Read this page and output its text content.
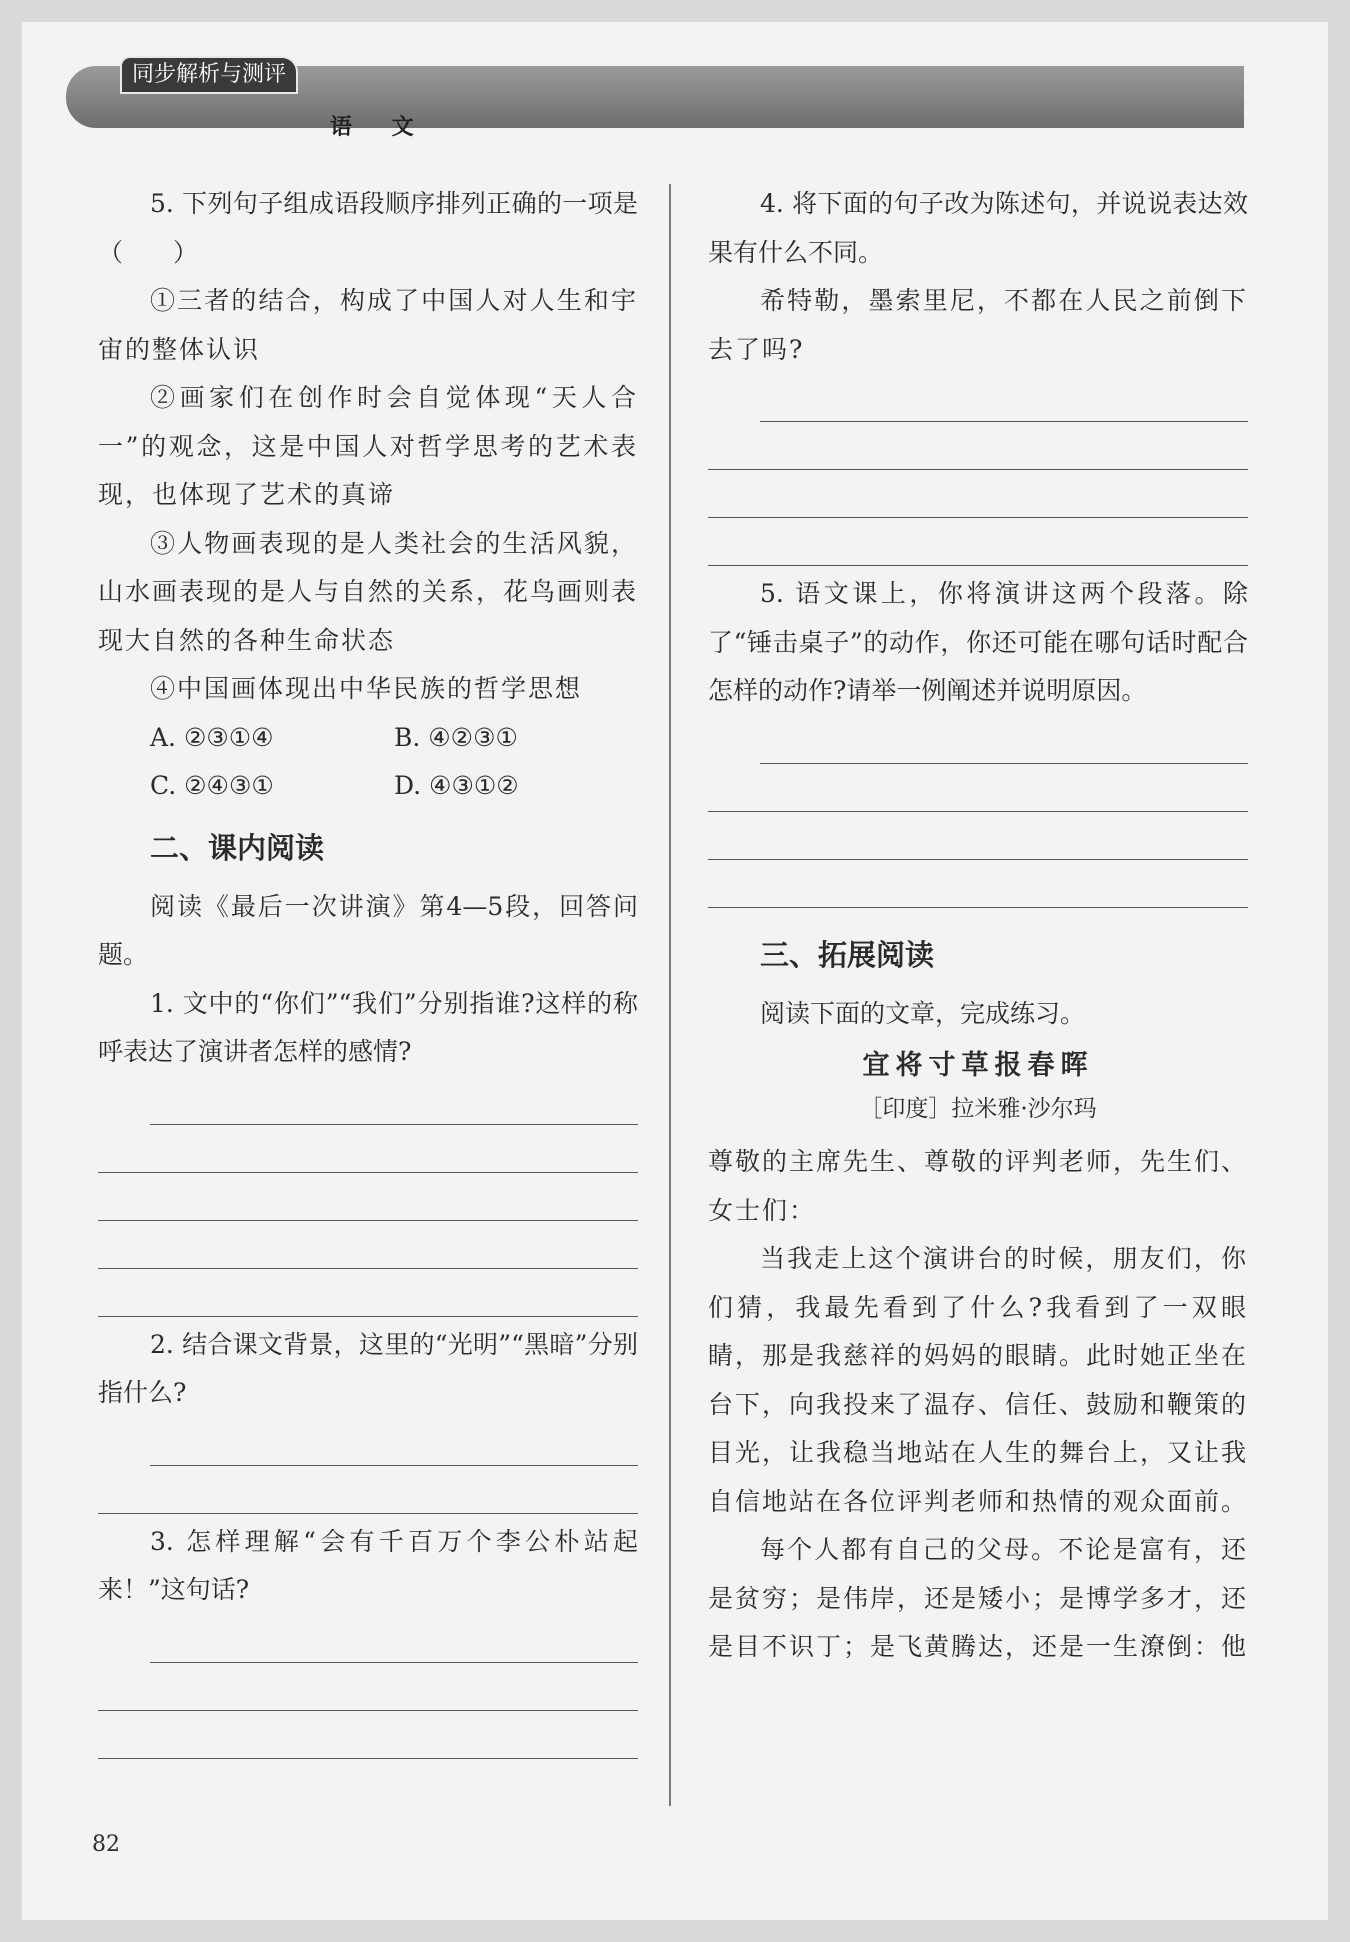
同步解析与测评
语 文

5. 下列句子组成语段顺序排列正确的一项是（　　）

①三者的结合，构成了中国人对人生和宇宙的整体认识

②画家们在创作时会自觉体现“天人合一”的观念，这是中国人对哲学思考的艺术表现，也体现了艺术的真谛

③人物画表现的是人类社会的生活风貌，山水画表现的是人与自然的关系，花鸟画则表现大自然的各种生命状态

④中国画体现出中华民族的哲学思想

A. ②③①④	B. ④②③①
C. ②④③①	D. ④③①②
二、课内阅读

阅读《最后一次讲演》第4—5段，回答问题。

1. 文中的“你们”“我们”分别指谁?这样的称呼表达了演讲者怎样的感情?

2. 结合课文背景，这里的“光明”“黑暗”分别指什么?

3. 怎样理解“会有千百万个李公朴站起来！”这句话?

4. 将下面的句子改为陈述句，并说说表达效果有什么不同。

希特勒，墨索里尼，不都在人民之前倒下去了吗?

5. 语文课上，你将演讲这两个段落。除了“锤击桌子”的动作，你还可能在哪句话时配合怎样的动作?请举一例阐述并说明原因。

三、拓展阅读

阅读下面的文章，完成练习。

宜将寸草报春晖
［印度］拉米雅·沙尔玛

尊敬的主席先生、尊敬的评判老师，先生们、女士们：

当我走上这个演讲台的时候，朋友们，你们猜，我最先看到了什么?我看到了一双眼睛，那是我慈祥的妈妈的眼睛。此时她正坐在台下，向我投来了温存、信任、鼓励和鞭策的目光，让我稳当地站在人生的舞台上，又让我自信地站在各位评判老师和热情的观众面前。

每个人都有自己的父母。不论是富有，还是贫穷；是伟岸，还是矮小；是博学多才，还是目不识丁；是飞黄腾达，还是一生潦倒：他

82
